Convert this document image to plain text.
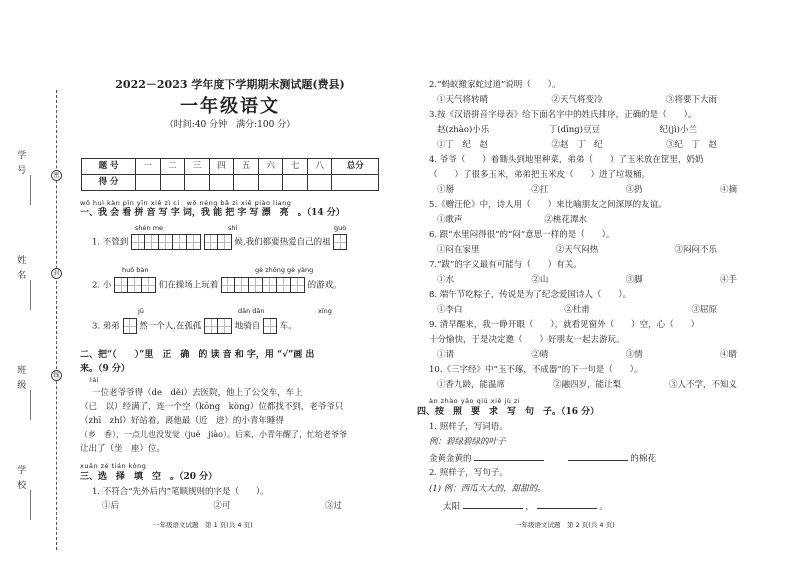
学号
姓名
班级
学校
密
封
线
2022－2023 学年度下学期期末测试题(费县)
一年级语文
（时间:40 分钟　满分:100 分）
题 号	一	二	三	四	五	六	七	八	总分
得 分									
wǒ huì kàn pīn yīn xiě zì cí　wǒ néng bǎ zì xiě piào liang
一、我 会 看 拼 音 写 字 词，我 能 把 字 写 漂　亮　。（14 分）
shén me	shí	guò
1. 不管到
	候,我们都要热爱自己的祖
huǒ bàn	gè zhǒng gè yàng
2. 小	们在操场上玩着	的游戏。
jū	dān dān	xīng
3. 弟弟 然一个人,在孤孤	地骑自 车。
二、把“（　　）”里　正　确　的 读 音 和 字，用 “√”画 出
来。（9 分）
lái
一位老爷爷得（de　děi）去医院，他上了公交车，车上
（已　以）经满了，连一个空（kōng　kòng）位都找不到，老爷爷只
（zhī　zhǐ）好站着。离他最（近　进）的小青年睡得
（乡　香），一点儿也没发觉（jué　jiào）。后来，小青年醒了，忙给老爷爷
让出了（坐　座）位。
xuǎn zé tián kòng
三、选　择　填　空　。（20 分）
1. 不符合“先外后内”笔顺规则的字是（　　）。
①后	②可	③过
一年级语文试题　第 1 页(共 4 页)
2.“蚂蚁搬家蛇过道”说明（　　）。
①天气将转晴	②天气将变冷	③将要下大雨
3.按《汉语拼音字母表》给下面名字中的姓氏排序，正确的是（　　）。
赵(zhào)小乐	丁(dīng)豆豆	纪(jì)小兰
①丁　纪　赵	②赵　丁　纪	③纪　丁　赵
4. 爷爷（　　）着锄头到地里种菜，弟弟（　　）了玉米放在筐里，奶奶
（　　）了很多玉米，弟弟把玉米皮（　　）进了垃圾桶。
①掰	②扛	③扔	④摘
5.《赠汪伦》中，诗人用（　　）来比喻朋友之间深厚的友谊。
①歌声	②桃花潭水
6. 跟“水里闷得很”的“闷”意思一样的是（　　）。
①闷在家里	②天气闷热	③闷闷不乐
7.“跋”的字义最有可能与（　　）有关。
①水	②山	③脚	④手
8. 端午节吃粽子，传说是为了纪念爱国诗人（　　）。
①李白	②杜甫	③屈原
9. 清早醒来，我一睁开眼（　　），就看见窗外（　　）空，心（　　）
十分愉快，于是决定邀（　　）好朋友一起去游玩。
①请	②晴	③情	④睛
10.《三字经》中“玉不琢，不成器”的下一句是（　　）。
①香九龄，能温席	②融四岁，能让梨	③人不学，不知义
àn zhào yāo qiú xiě jù zi
四、按　照　要　求　写　句　子。（16 分）
1. 照样子，写词语。
例：碧绿碧绿的叶子
金黄金黄的	的棉花
2. 照样子，写句子。
(1) 例：西瓜大大的，甜甜的。
太阳	，	。
一年级语文试题　第 2 页(共 4 页)
